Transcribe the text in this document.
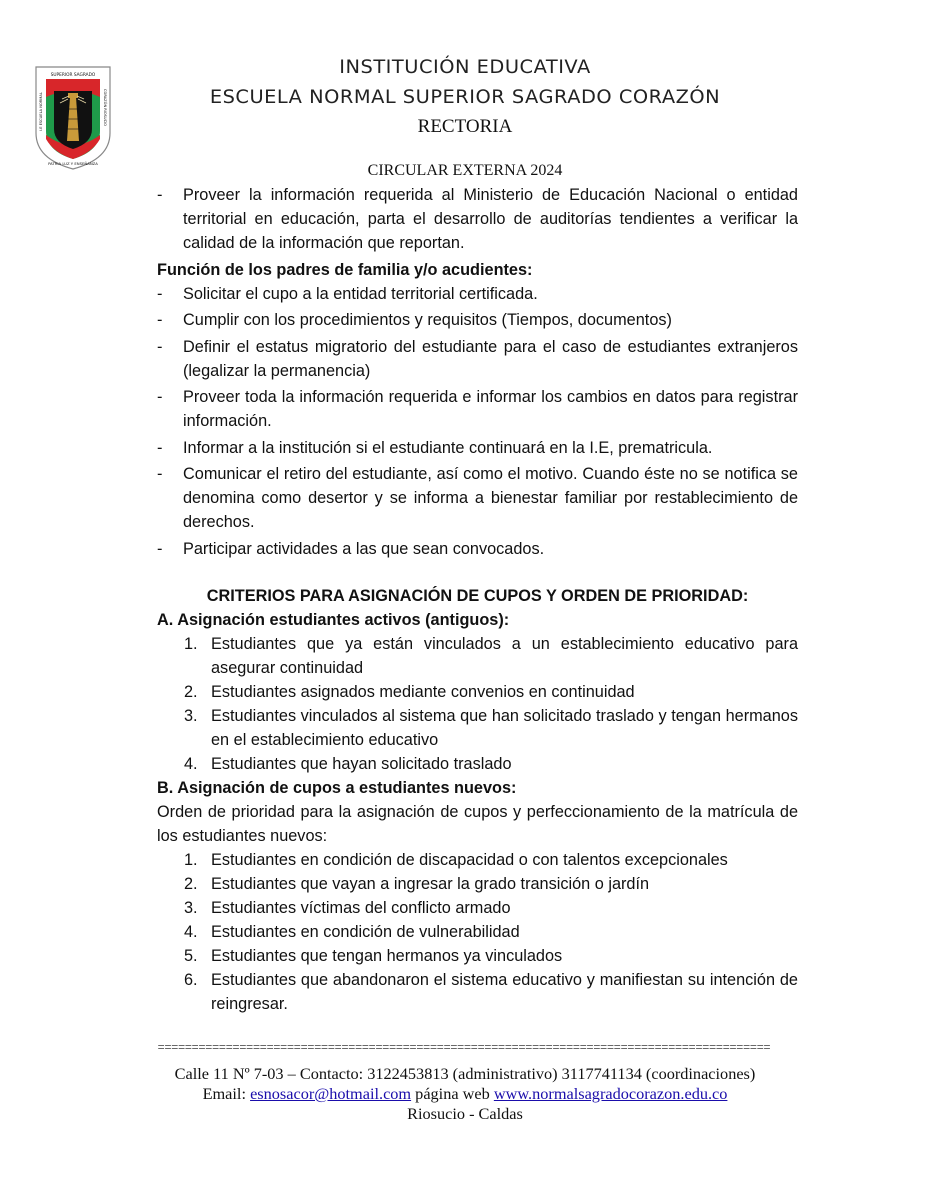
SUPERIOR SAGRADO
PATRIA LUZ Y ENSEÑANZA
I.E ESCUELA NORMAL	CORAZÓN RIOSUCIO
INSTITUCIÓN EDUCATIVA
ESCUELA NORMAL SUPERIOR SAGRADO CORAZÓN
RECTORIA
CIRCULAR EXTERNA 2024
- Proveer la información requerida al Ministerio de Educación Nacional o entidad territorial en educación, parta el desarrollo de auditorías tendientes a verificar la calidad de la información que reportan.
Función de los padres de familia y/o acudientes:
- Solicitar el cupo a la entidad territorial certificada.
- Cumplir con los procedimientos y requisitos (Tiempos, documentos)
- Definir el estatus migratorio del estudiante para el caso de estudiantes extranjeros (legalizar la permanencia)
- Proveer toda la información requerida e informar los cambios en datos para registrar información.
- Informar a la institución si el estudiante continuará en la I.E, prematricula.
- Comunicar el retiro del estudiante, así como el motivo. Cuando éste no se notifica se denomina como desertor y se informa a bienestar familiar por restablecimiento de derechos.
- Participar actividades a las que sean convocados.
CRITERIOS PARA ASIGNACIÓN DE CUPOS Y ORDEN DE PRIORIDAD:
A. Asignación estudiantes activos (antiguos):
1. Estudiantes que ya están vinculados a un establecimiento educativo para asegurar continuidad
2. Estudiantes asignados mediante convenios en continuidad
3. Estudiantes vinculados al sistema que han solicitado traslado y tengan hermanos en el establecimiento educativo
4. Estudiantes que hayan solicitado traslado
B. Asignación de cupos a estudiantes nuevos:
Orden de prioridad para la asignación de cupos y perfeccionamiento de la matrícula de los estudiantes nuevos:
1. Estudiantes en condición de discapacidad o con talentos excepcionales
2. Estudiantes que vayan a ingresar la grado transición o jardín
3. Estudiantes víctimas del conflicto armado
4. Estudiantes en condición de vulnerabilidad
5. Estudiantes que tengan hermanos ya vinculados
6. Estudiantes que abandonaron el sistema educativo y manifiestan su intención de reingresar.
==========================================================================================
Calle 11 Nº 7-03 – Contacto: 3122453813 (administrativo) 3117741134 (coordinaciones)
Email: esnosacor@hotmail.com página web www.normalsagradocorazon.edu.co
Riosucio - Caldas
